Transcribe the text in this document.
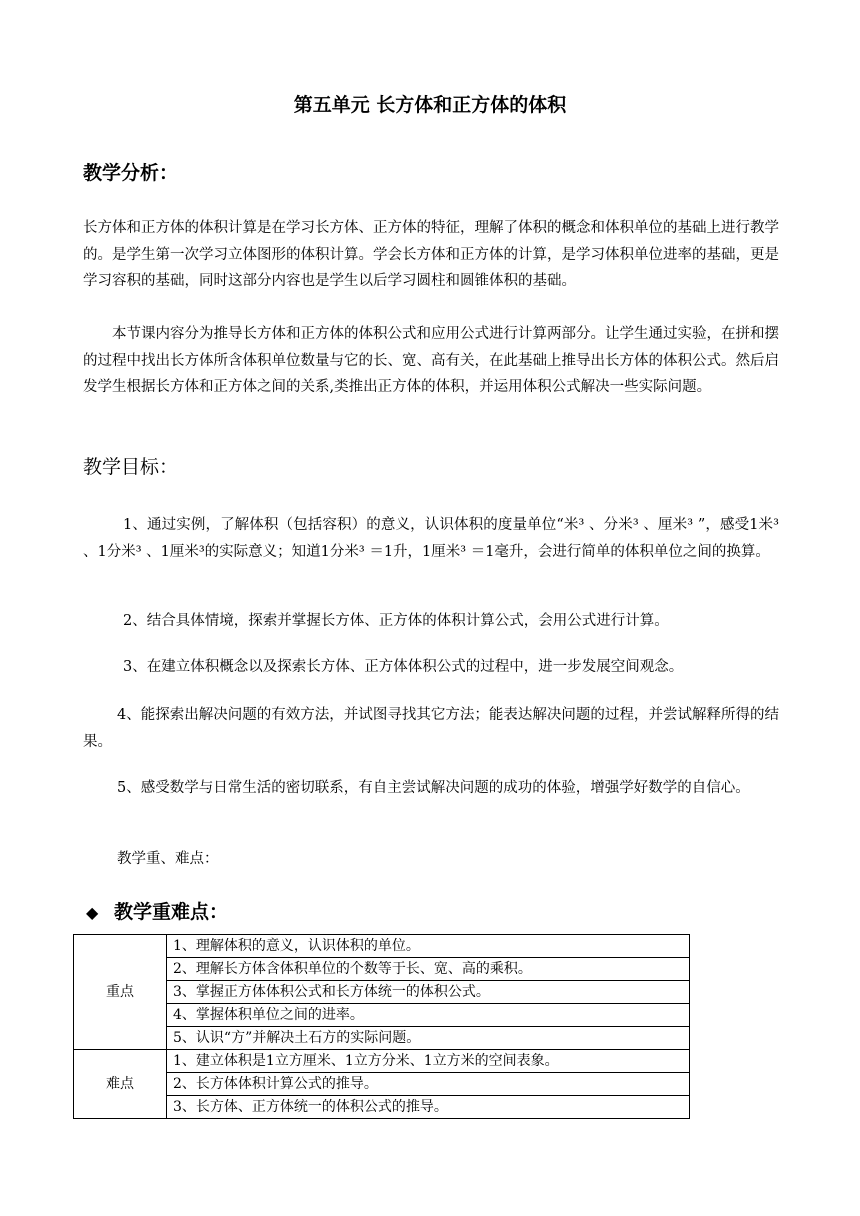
第五单元 长方体和正方体的体积
教学分析：
长方体和正方体的体积计算是在学习长方体、正方体的特征，理解了体积的概念和体积单位的基础上进行教学的。是学生第一次学习立体图形的体积计算。学会长方体和正方体的计算，是学习体积单位进率的基础，更是学习容积的基础，同时这部分内容也是学生以后学习圆柱和圆锥体积的基础。
本节课内容分为推导长方体和正方体的体积公式和应用公式进行计算两部分。让学生通过实验，在拼和摆的过程中找出长方体所含体积单位数量与它的长、宽、高有关，在此基础上推导出长方体的体积公式。然后启发学生根据长方体和正方体之间的关系,类推出正方体的体积，并运用体积公式解决一些实际问题。
教学目标：
1、通过实例，了解体积（包括容积）的意义，认识体积的度量单位“米³ 、分米³ 、厘米³ ”，感受1米³ 、1分米³ 、1厘米³的实际意义；知道1分米³ ＝1升，1厘米³ ＝1毫升，会进行简单的体积单位之间的换算。
2、结合具体情境，探索并掌握长方体、正方体的体积计算公式，会用公式进行计算。
3、在建立体积概念以及探索长方体、正方体体积公式的过程中，进一步发展空间观念。
4、能探索出解决问题的有效方法，并试图寻找其它方法；能表达解决问题的过程，并尝试解释所得的结果。
5、感受数学与日常生活的密切联系，有自主尝试解决问题的成功的体验，增强学好数学的自信心。
教学重、难点：
◆ 教学重难点：
重点	1、理解体积的意义，认识体积的单位。
	2、理解长方体含体积单位的个数等于长、宽、高的乘积。
	3、掌握正方体体积公式和长方体统一的体积公式。
	4、掌握体积单位之间的进率。
	5、认识“方”并解决土石方的实际问题。
难点	1、建立体积是1立方厘米、1立方分米、1立方米的空间表象。
	2、长方体体积计算公式的推导。
	3、长方体、正方体统一的体积公式的推导。
